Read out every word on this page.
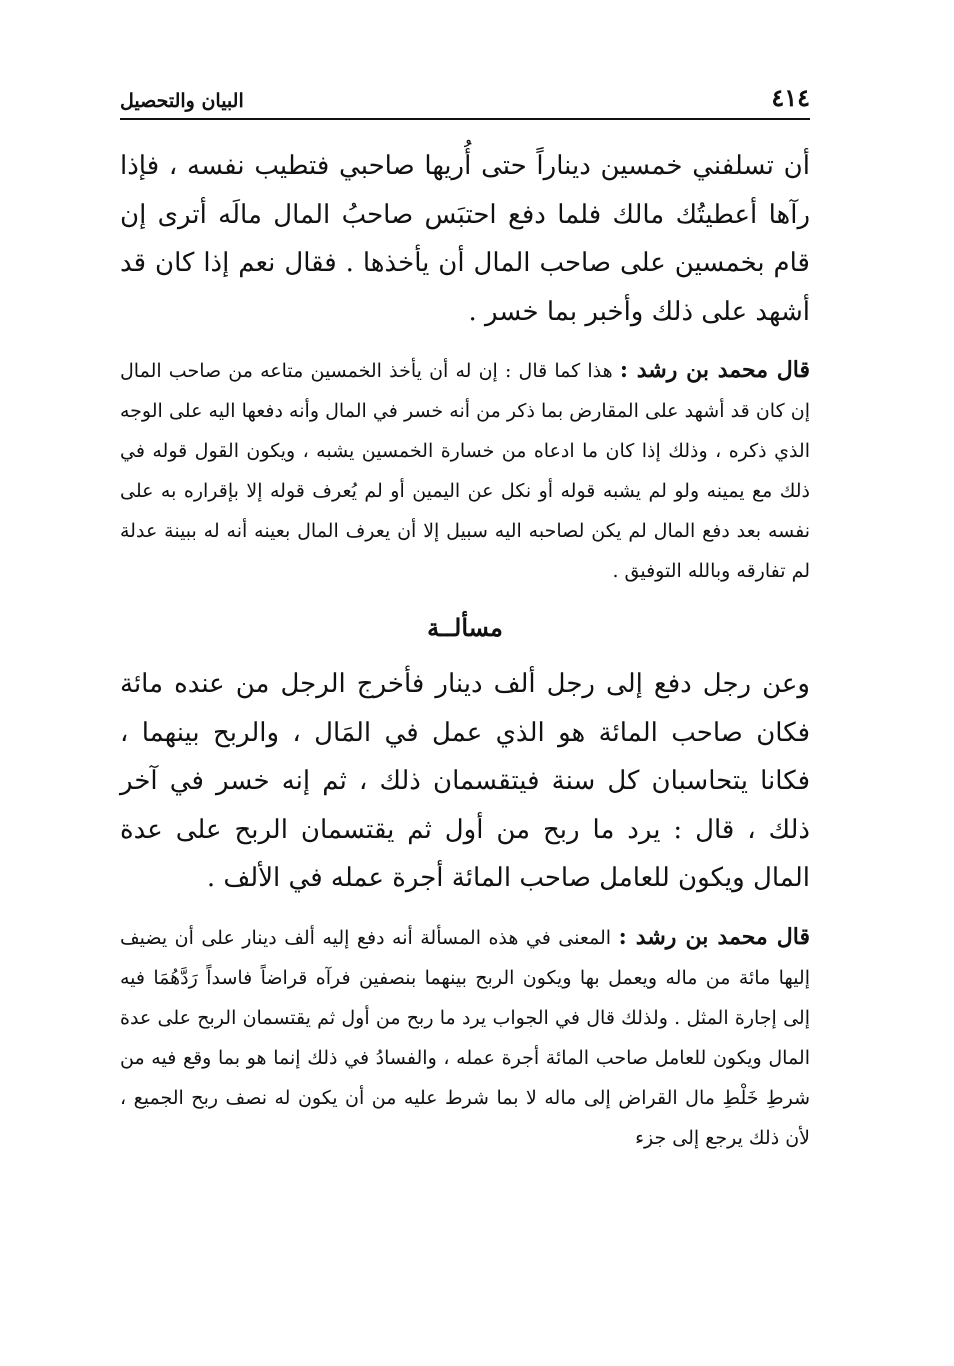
٤١٤
البيان والتحصيل

أن تسلفني خمسين ديناراً حتى أُريها صاحبي فتطيب نفسه ، فإذا رآها أعطيتُك مالك فلما دفع احتبَس صاحبُ المال مالَه أترى إن قام بخمسين على صاحب المال أن يأخذها . فقال نعم إذا كان قد أشهد على ذلك وأخبر بما خسر .

قال محمد بن رشد : هذا كما قال : إن له أن يأخذ الخمسين متاعه من صاحب المال إن كان قد أشهد على المقارض بما ذكر من أنه خسر في المال وأنه دفعها اليه على الوجه الذي ذكره ، وذلك إذا كان ما ادعاه من خسارة الخمسين يشبه ، ويكون القول قوله في ذلك مع يمينه ولو لم يشبه قوله أو نكل عن اليمين أو لم يُعرف قوله إلا بإقراره به على نفسه بعد دفع المال لم يكن لصاحبه اليه سبيل إلا أن يعرف المال بعينه أنه له ببينة عدلة لم تفارقه وبالله التوفيق .

مسألــة

وعن رجل دفع إلى رجل ألف دينار فأخرج الرجل من عنده مائة فكان صاحب المائة هو الذي عمل في المَال ، والربح بينهما ، فكانا يتحاسبان كل سنة فيتقسمان ذلك ، ثم إنه خسر في آخر ذلك ، قال : يرد ما ربح من أول ثم يقتسمان الربح على عدة المال ويكون للعامل صاحب المائة أجرة عمله في الألف .

قال محمد بن رشد : المعنى في هذه المسألة أنه دفع إليه ألف دينار على أن يضيف إليها مائة من ماله ويعمل بها ويكون الربح بينهما بنصفين فرآه قراضاً فاسداً رَدَّهُمَا فيه إلى إجارة المثل . ولذلك قال في الجواب يرد ما ربح من أول ثم يقتسمان الربح على عدة المال ويكون للعامل صاحب المائة أجرة عمله ، والفسادُ في ذلك إنما هو بما وقع فيه من شرطِ خَلْطِ مال القراض إلى ماله لا بما شرط عليه من أن يكون له نصف ربح الجميع ، لأن ذلك يرجع إلى جزء
